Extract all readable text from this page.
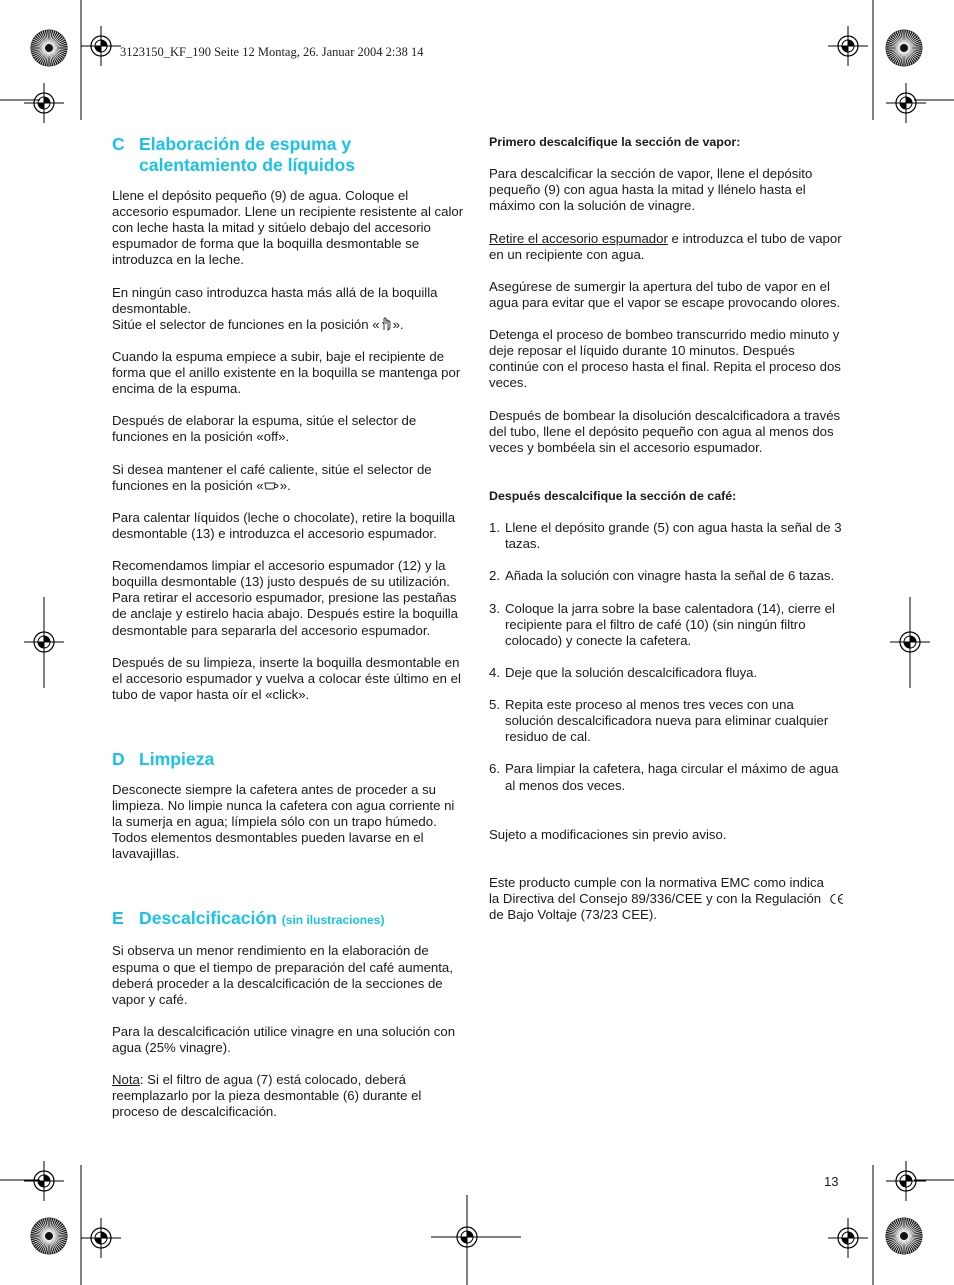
3123150_KF_190 Seite 12 Montag, 26. Januar 2004 2:38 14

C Elaboración de espuma y
calentamiento de líquidos

Llene el depósito pequeño (9) de agua. Coloque el accesorio espumador. Llene un recipiente resistente al calor con leche hasta la mitad y sitúelo debajo del accesorio espumador de forma que la boquilla desmontable se introduzca en la leche.

En ningún caso introduzca hasta más allá de la boquilla desmontable.
Sitúe el selector de funciones en la posición « ».

Cuando la espuma empiece a subir, baje el recipiente de forma que el anillo existente en la boquilla se mantenga por encima de la espuma.

Después de elaborar la espuma, sitúe el selector de funciones en la posición «off».

Si desea mantener el café caliente, sitúe el selector de funciones en la posición « ».

Para calentar líquidos (leche o chocolate), retire la boquilla desmontable (13) e introduzca el accesorio espumador.

Recomendamos limpiar el accesorio espumador (12) y la boquilla desmontable (13) justo después de su utilización. Para retirar el accesorio espumador, presione las pestañas de anclaje y estirelo hacia abajo. Después estire la boquilla desmontable para separarla del accesorio espumador.

Después de su limpieza, inserte la boquilla desmontable en el accesorio espumador y vuelva a colocar éste último en el tubo de vapor hasta oír el «click».

D Limpieza

Desconecte siempre la cafetera antes de proceder a su limpieza. No limpie nunca la cafetera con agua corriente ni la sumerja en agua; límpiela sólo con un trapo húmedo. Todos elementos desmontables pueden lavarse en el lavavajillas.

E Descalcificación (sin ilustraciones)

Si observa un menor rendimiento en la elaboración de espuma o que el tiempo de preparación del café aumenta, deberá proceder a la descalcificación de la secciones de vapor y café.

Para la descalcificación utilice vinagre en una solución con agua (25% vinagre).

Nota: Si el filtro de agua (7) está colocado, deberá reemplazarlo por la pieza desmontable (6) durante el proceso de descalcificación.

Primero descalcifique la sección de vapor:

Para descalcificar la sección de vapor, llene el depósito pequeño (9) con agua hasta la mitad y llénelo hasta el máximo con la solución de vinagre.

Retire el accesorio espumador e introduzca el tubo de vapor en un recipiente con agua.

Asegúrese de sumergir la apertura del tubo de vapor en el agua para evitar que el vapor se escape provocando olores.

Detenga el proceso de bombeo transcurrido medio minuto y deje reposar el líquido durante 10 minutos. Después continúe con el proceso hasta el final. Repita el proceso dos veces.

Después de bombear la disolución descalcificadora a través del tubo, llene el depósito pequeño con agua al menos dos veces y bombéela sin el accesorio espumador.

Después descalcifique la sección de café:

1. Llene el depósito grande (5) con agua hasta la señal de 3 tazas.
2. Añada la solución con vinagre hasta la señal de 6 tazas.
3. Coloque la jarra sobre la base calentadora (14), cierre el recipiente para el filtro de café (10) (sin ningún filtro colocado) y conecte la cafetera.
4. Deje que la solución descalcificadora fluya.
5. Repita este proceso al menos tres veces con una solución descalcificadora nueva para eliminar cualquier residuo de cal.
6. Para limpiar la cafetera, haga circular el máximo de agua al menos dos veces.

Sujeto a modificaciones sin previo aviso.

Este producto cumple con la normativa EMC como indica la Directiva del Consejo 89/336/CEE y con la Regulación de Bajo Voltaje (73/23 CEE).

13
